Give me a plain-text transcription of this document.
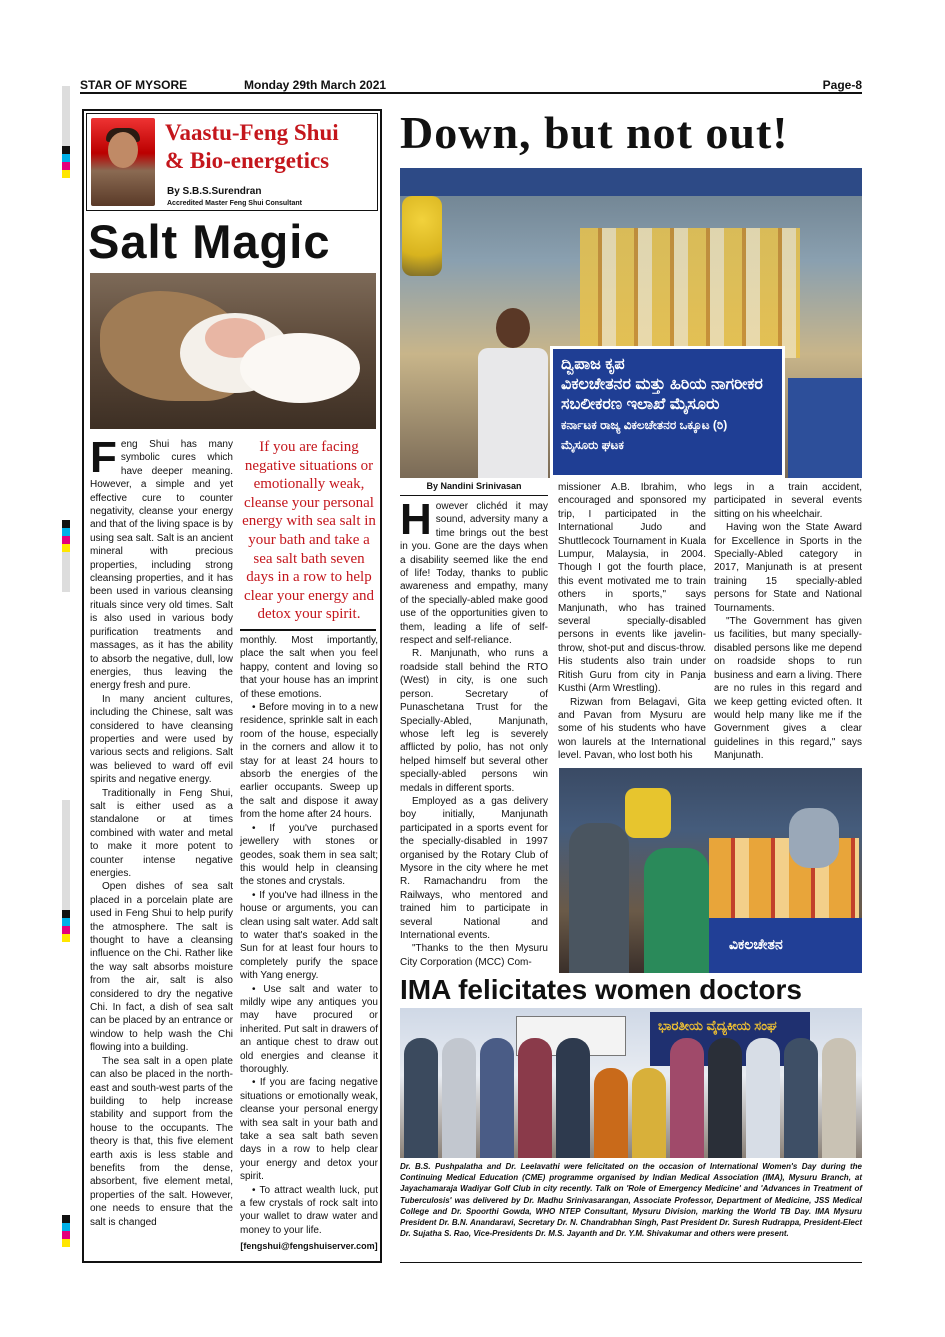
STAR OF MYSORE	Monday 29th March 2021	Page-8
Vaastu-Feng Shui
& Bio-energetics
By S.B.S.Surendran
Accredited Master Feng Shui Consultant
Salt Magic

Feng Shui has many symbolic cures which have deeper meaning. However, a simple and yet effective cure to counter negativity, cleanse your energy and that of the living space is by using sea salt. Salt is an ancient mineral with precious properties, including strong cleansing properties, and it has been used in various cleansing rituals since very old times. Salt is also used in various body purification treatments and massages, as it has the ability to absorb the negative, dull, low energies, thus leaving the energy fresh and pure.

In many ancient cultures, including the Chinese, salt was considered to have cleansing properties and were used by various sects and religions. Salt was believed to ward off evil spirits and negative energy.

Traditionally in Feng Shui, salt is either used as a standalone or at times combined with water and metal to make it more potent to counter intense negative energies.

Open dishes of sea salt placed in a porcelain plate are used in Feng Shui to help purify the atmosphere. The salt is thought to have a cleansing influence on the Chi. Rather like the way salt absorbs moisture from the air, salt is also considered to dry the negative Chi. In fact, a dish of sea salt can be placed by an entrance or window to help wash the Chi flowing into a building.

The sea salt in a open plate can also be placed in the north-east and south-west parts of the building to help increase stability and support from the house to the occupants. The theory is that, this five element earth axis is less stable and benefits from the dense, absorbent, five element metal, properties of the salt. However, one needs to ensure that the salt is changed

If you are facing negative situations or emotionally weak, cleanse your personal energy with sea salt in your bath and take a sea salt bath seven days in a row to help clear your energy and detox your spirit.

monthly. Most importantly, place the salt when you feel happy, content and loving so that your house has an imprint of these emotions.

• Before moving in to a new residence, sprinkle salt in each room of the house, especially in the corners and allow it to stay for at least 24 hours to absorb the energies of the earlier occupants. Sweep up the salt and dispose it away from the home after 24 hours.

• If you've purchased jewellery with stones or geodes, soak them in sea salt; this would help in cleansing the stones and crystals.

• If you've had illness in the house or arguments, you can clean using salt water. Add salt to water that's soaked in the Sun for at least four hours to completely purify the space with Yang energy.

• Use salt and water to mildly wipe any antiques you may have procured or inherited. Put salt in drawers of an antique chest to draw out old energies and cleanse it thoroughly.

• If you are facing negative situations or emotionally weak, cleanse your personal energy with sea salt in your bath and take a sea salt bath seven days in a row to help clear your energy and detox your spirit.

• To attract wealth luck, put a few crystals of rock salt into your wallet to draw water and money to your life.

[fengshui@fengshuiserver.com]

Down, but not out!
ದ್ವಿಪಾಜ ಕೃಪ
ವಿಕಲಚೇತನರ ಮತ್ತು ಹಿರಿಯ ನಾಗರೀಕರ
ಸಬಲೀಕರಣ ಇಲಾಖೆ ಮೈಸೂರು
ಕರ್ನಾಟಕ ರಾಜ್ಯ ವಿಕಲಚೇತನರ ಒಕ್ಕೂಟ (ರಿ)
ಮೈಸೂರು ಘಟಕ
By Nandini Srinivasan

However clichéd it may sound, adversity many a time brings out the best in you. Gone are the days when a disability seemed like the end of life! Today, thanks to public awareness and empathy, many of the specially-abled make good use of the opportunities given to them, leading a life of self-respect and self-reliance.

R. Manjunath, who runs a roadside stall behind the RTO (West) in city, is one such person. Secretary of Punaschetana Trust for the Specially-Abled, Manjunath, whose left leg is severely afflicted by polio, has not only helped himself but several other specially-abled persons win medals in different sports.

Employed as a gas delivery boy initially, Manjunath participated in a sports event for the specially-disabled in 1997 organised by the Rotary Club of Mysore in the city where he met R. Ramachandru from the Railways, who mentored and trained him to participate in several National and International events.

"Thanks to the then Mysuru City Corporation (MCC) Com-

missioner A.B. Ibrahim, who encouraged and sponsored my trip, I participated in the International Judo and Shuttlecock Tournament in Kuala Lumpur, Malaysia, in 2004. Though I got the fourth place, this event motivated me to train others in sports," says Manjunath, who has trained several specially-disabled persons in events like javelin-throw, shot-put and discus-throw. His students also train under Ritish Guru from city in Panja Kusthi (Arm Wrestling).

Rizwan from Belagavi, Gita and Pavan from Mysuru are some of his students who have won laurels at the International level. Pavan, who lost both his

legs in a train accident, participated in several events sitting on his wheelchair.

Having won the State Award for Excellence in Sports in the Specially-Abled category in 2017, Manjunath is at present training 15 specially-abled persons for State and National Tournaments.

"The Government has given us facilities, but many specially-disabled persons like me depend on roadside shops to run business and earn a living. There are no rules in this regard and we keep getting evicted often. It would help many like me if the Government gives a clear guidelines in this regard," says Manjunath.

ವಿಕಲಚೇತನ
IMA felicitates women doctors
ಭಾರತೀಯ ವೈದ್ಯಕೀಯ ಸಂಘ
Dr. B.S. Pushpalatha and Dr. Leelavathi were felicitated on the occasion of International Women's Day during the Continuing Medical Education (CME) programme organised by Indian Medical Association (IMA), Mysuru Branch, at Jayachamaraja Wadiyar Golf Club in city recently. Talk on 'Role of Emergency Medicine' and 'Advances in Treatment of Tuberculosis' was delivered by Dr. Madhu Srinivasarangan, Associate Professor, Department of Medicine, JSS Medical College and Dr. Spoorthi Gowda, WHO NTEP Consultant, Mysuru Division, marking the World TB Day. IMA Mysuru President Dr. B.N. Anandaravi, Secretary Dr. N. Chandrabhan Singh, Past President Dr. Suresh Rudrappa, President-Elect Dr. Sujatha S. Rao, Vice-Presidents Dr. M.S. Jayanth and Dr. Y.M. Shivakumar and others were present.
